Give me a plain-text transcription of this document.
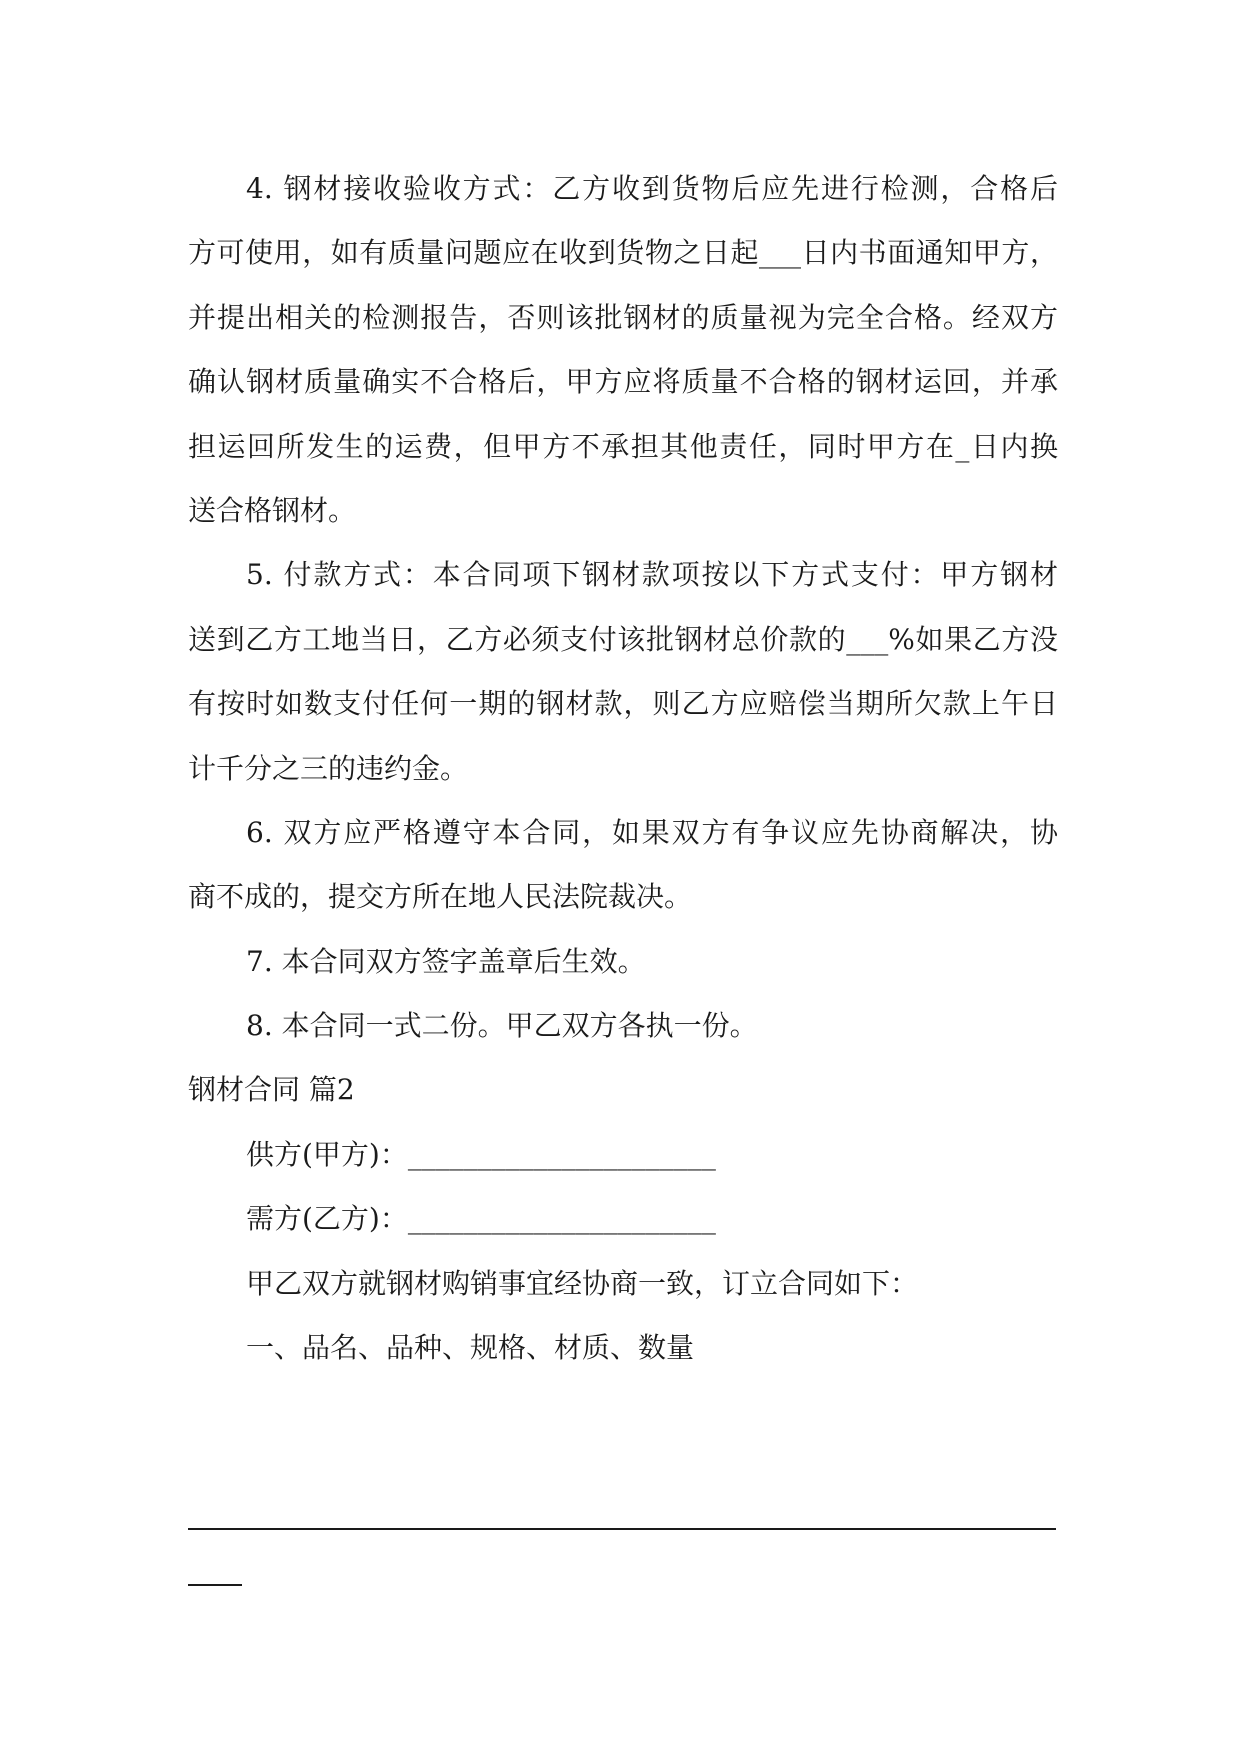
4. 钢材接收验收方式：乙方收到货物后应先进行检测，合格后
方可使用，如有质量问题应在收到货物之日起___日内书面通知甲方，
并提出相关的检测报告，否则该批钢材的质量视为完全合格。经双方
确认钢材质量确实不合格后，甲方应将质量不合格的钢材运回，并承
担运回所发生的运费，但甲方不承担其他责任，同时甲方在_日内换
送合格钢材。
5. 付款方式：本合同项下钢材款项按以下方式支付：甲方钢材
送到乙方工地当日，乙方必须支付该批钢材总价款的___%如果乙方没
有按时如数支付任何一期的钢材款，则乙方应赔偿当期所欠款上午日
计千分之三的违约金。
6. 双方应严格遵守本合同，如果双方有争议应先协商解决，协
商不成的，提交方所在地人民法院裁决。
7. 本合同双方签字盖章后生效。
8. 本合同一式二份。甲乙双方各执一份。
钢材合同 篇2
供方(甲方)：______________________
需方(乙方)：______________________
甲乙双方就钢材购销事宜经协商一致，订立合同如下：
一、品名、品种、规格、材质、数量
